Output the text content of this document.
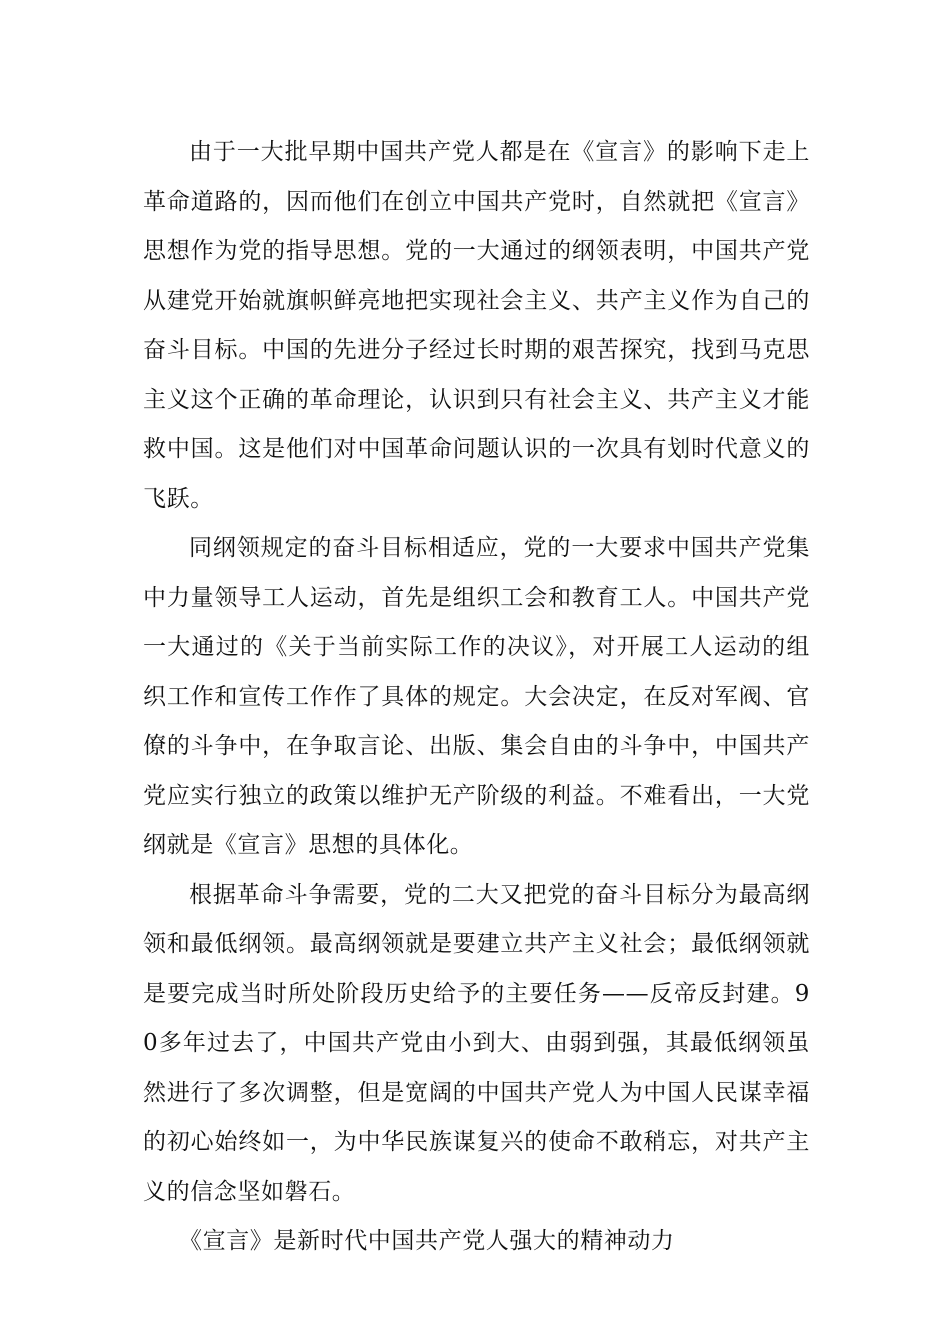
由于一大批早期中国共产党人都是在《宣言》的影响下走上革命道路的，因而他们在创立中国共产党时，自然就把《宣言》思想作为党的指导思想。党的一大通过的纲领表明，中国共产党从建党开始就旗帜鲜亮地把实现社会主义、共产主义作为自己的奋斗目标。中国的先进分子经过长时期的艰苦探究，找到马克思主义这个正确的革命理论，认识到只有社会主义、共产主义才能救中国。这是他们对中国革命问题认识的一次具有划时代意义的飞跃。

同纲领规定的奋斗目标相适应，党的一大要求中国共产党集中力量领导工人运动，首先是组织工会和教育工人。中国共产党一大通过的《关于当前实际工作的决议》，对开展工人运动的组织工作和宣传工作作了具体的规定。大会决定，在反对军阀、官僚的斗争中，在争取言论、出版、集会自由的斗争中，中国共产党应实行独立的政策以维护无产阶级的利益。不难看出，一大党纲就是《宣言》思想的具体化。

根据革命斗争需要，党的二大又把党的奋斗目标分为最高纲领和最低纲领。最高纲领就是要建立共产主义社会；最低纲领就是要完成当时所处阶段历史给予的主要任务——反帝反封建。90多年过去了，中国共产党由小到大、由弱到强，其最低纲领虽然进行了多次调整，但是宽阔的中国共产党人为中国人民谋幸福的初心始终如一，为中华民族谋复兴的使命不敢稍忘，对共产主义的信念坚如磐石。

《宣言》是新时代中国共产党人强大的精神动力
